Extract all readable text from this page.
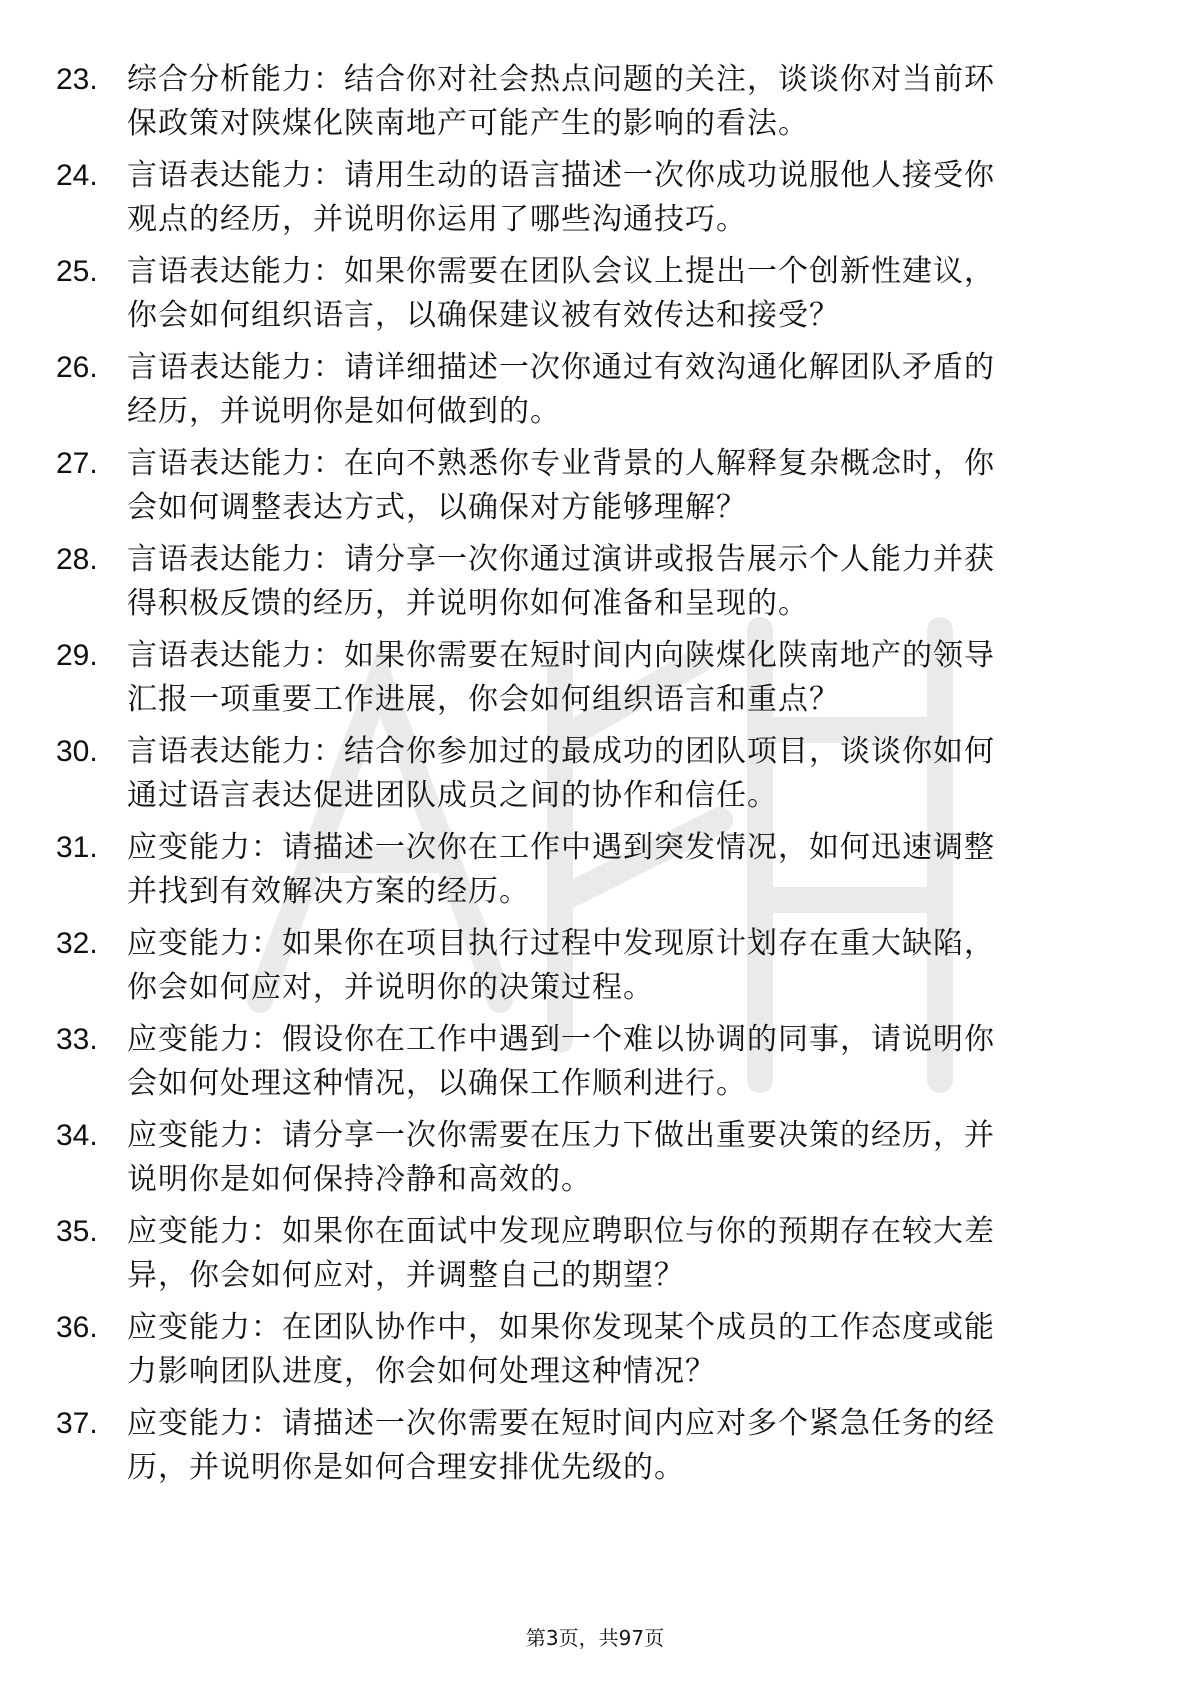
23. 综合分析能力：结合你对社会热点问题的关注，谈谈你对当前环
保政策对陕煤化陕南地产可能产生的影响的看法。
24. 言语表达能力：请用生动的语言描述一次你成功说服他人接受你
观点的经历，并说明你运用了哪些沟通技巧。
25. 言语表达能力：如果你需要在团队会议上提出一个创新性建议，
你会如何组织语言，以确保建议被有效传达和接受？
26. 言语表达能力：请详细描述一次你通过有效沟通化解团队矛盾的
经历，并说明你是如何做到的。
27. 言语表达能力：在向不熟悉你专业背景的人解释复杂概念时，你
会如何调整表达方式，以确保对方能够理解？
28. 言语表达能力：请分享一次你通过演讲或报告展示个人能力并获
得积极反馈的经历，并说明你如何准备和呈现的。
29. 言语表达能力：如果你需要在短时间内向陕煤化陕南地产的领导
汇报一项重要工作进展，你会如何组织语言和重点？
30. 言语表达能力：结合你参加过的最成功的团队项目，谈谈你如何
通过语言表达促进团队成员之间的协作和信任。
31. 应变能力：请描述一次你在工作中遇到突发情况，如何迅速调整
并找到有效解决方案的经历。
32. 应变能力：如果你在项目执行过程中发现原计划存在重大缺陷，
你会如何应对，并说明你的决策过程。
33. 应变能力：假设你在工作中遇到一个难以协调的同事，请说明你
会如何处理这种情况，以确保工作顺利进行。
34. 应变能力：请分享一次你需要在压力下做出重要决策的经历，并
说明你是如何保持冷静和高效的。
35. 应变能力：如果你在面试中发现应聘职位与你的预期存在较大差
异，你会如何应对，并调整自己的期望？
36. 应变能力：在团队协作中，如果你发现某个成员的工作态度或能
力影响团队进度，你会如何处理这种情况？
37. 应变能力：请描述一次你需要在短时间内应对多个紧急任务的经
历，并说明你是如何合理安排优先级的。
第3页，共97页
